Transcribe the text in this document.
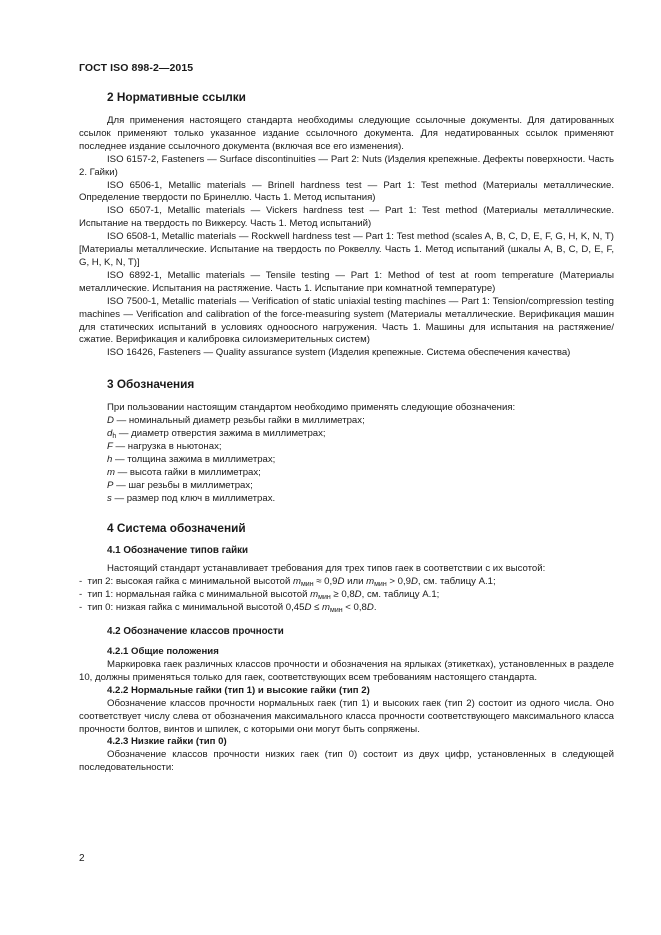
ГОСТ ISO 898-2—2015
2 Нормативные ссылки

Для применения настоящего стандарта необходимы следующие ссылочные документы. Для датированных ссылок применяют только указанное издание ссылочного документа. Для недатированных ссылок применяют последнее издание ссылочного документа (включая все его изменения).

ISO 6157-2, Fasteners — Surface discontinuities — Part 2: Nuts (Изделия крепежные. Дефекты поверхности. Часть 2. Гайки)

ISO 6506-1, Metallic materials — Brinell hardness test — Part 1: Test method (Материалы металлические. Определение твердости по Бринеллю. Часть 1. Метод испытания)

ISO 6507-1, Metallic materials — Vickers hardness test — Part 1: Test method (Материалы металлические. Испытание на твердость по Виккерсу. Часть 1. Метод испытаний)

ISO 6508-1, Metallic materials — Rockwell hardness test — Part 1: Test method (scales A, B, C, D, E, F, G, H, K, N, T) [Материалы металлические. Испытание на твердость по Роквеллу. Часть 1. Метод испытаний (шкалы A, B, C, D, E, F, G, H, K, N, T)]

ISO 6892-1, Metallic materials — Tensile testing — Part 1: Method of test at room temperature (Материалы металлические. Испытания на растяжение. Часть 1. Испытание при комнатной температуре)

ISO 7500-1, Metallic materials — Verification of static uniaxial testing machines — Part 1: Tension/compression testing machines — Verification and calibration of the force-measuring system (Материалы металлические. Верификация машин для статических испытаний в условиях одноосного нагружения. Часть 1. Машины для испытания на растяжение/сжатие. Верификация и калибровка силоизмерительных систем)

ISO 16426, Fasteners — Quality assurance system (Изделия крепежные. Система обеспечения качества)

3 Обозначения

При пользовании настоящим стандартом необходимо применять следующие обозначения:

D — номинальный диаметр резьбы гайки в миллиметрах;
$d_h$ — диаметр отверстия зажима в миллиметрах;
F — нагрузка в ньютонах;
h — толщина зажима в миллиметрах;
m — высота гайки в миллиметрах;
P — шаг резьбы в миллиметрах;
s — размер под ключ в миллиметрах.
4 Система обозначений
4.1 Обозначение типов гайки

Настоящий стандарт устанавливает требования для трех типов гаек в соответствии с их высотой:

- тип 2: высокая гайка с минимальной высотой $m_{мин} \approx 0,9D$ или $m_{мин} > 0,9D$, см. таблицу А.1;
- тип 1: нормальная гайка с минимальной высотой $m_{мин} \ge 0,8D$, см. таблицу А.1;
- тип 0: низкая гайка с минимальной высотой $0,45D \le m_{мин} < 0,8D$.
4.2 Обозначение классов прочности
4.2.1 Общие положения

Маркировка гаек различных классов прочности и обозначения на ярлыках (этикетках), установленных в разделе 10, должны применяться только для гаек, соответствующих всем требованиям настоящего стандарта.

4.2.2 Нормальные гайки (тип 1) и высокие гайки (тип 2)

Обозначение классов прочности нормальных гаек (тип 1) и высоких гаек (тип 2) состоит из одного числа. Оно соответствует числу слева от обозначения максимального класса прочности соответствующего максимального класса прочности болтов, винтов и шпилек, с которыми они могут быть сопряжены.

4.2.3 Низкие гайки (тип 0)

Обозначение классов прочности низких гаек (тип 0) состоит из двух цифр, установленных в следующей последовательности:

2
